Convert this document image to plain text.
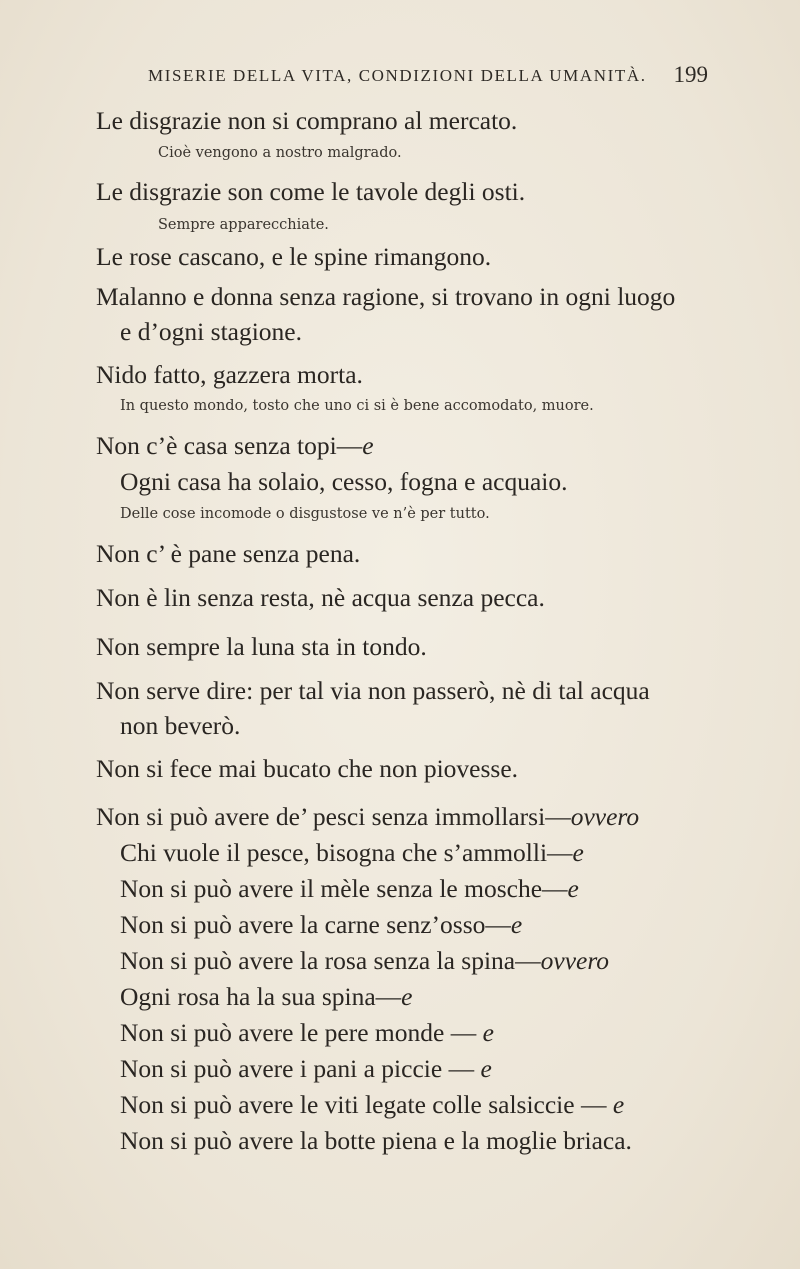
MISERIE DELLA VITA, CONDIZIONI DELLA UMANITÀ. 199
Le disgrazie non si comprano al mercato.
Cioè vengono a nostro malgrado.
Le disgrazie son come le tavole degli osti.
Sempre apparecchiate.
Le rose cascano, e le spine rimangono.
Malanno e donna senza ragione, si trovano in ogni luogo
e d’ogni stagione.
Nido fatto, gazzera morta.
In questo mondo, tosto che uno ci si è bene accomodato, muore.
Non c’è casa senza topi—e
Ogni casa ha solaio, cesso, fogna e acquaio.
Delle cose incomode o disgustose ve n’è per tutto.
Non c’ è pane senza pena.
Non è lin senza resta, nè acqua senza pecca.
Non sempre la luna sta in tondo.
Non serve dire: per tal via non passerò, nè di tal acqua
non beverò.
Non si fece mai bucato che non piovesse.
Non si può avere de’ pesci senza immollarsi—ovvero
Chi vuole il pesce, bisogna che s’ammolli—e
Non si può avere il mèle senza le mosche—e
Non si può avere la carne senz’osso—e
Non si può avere la rosa senza la spina—ovvero
Ogni rosa ha la sua spina—e
Non si può avere le pere monde — e
Non si può avere i pani a piccie — e
Non si può avere le viti legate colle salsiccie — e
Non si può avere la botte piena e la moglie briaca.
